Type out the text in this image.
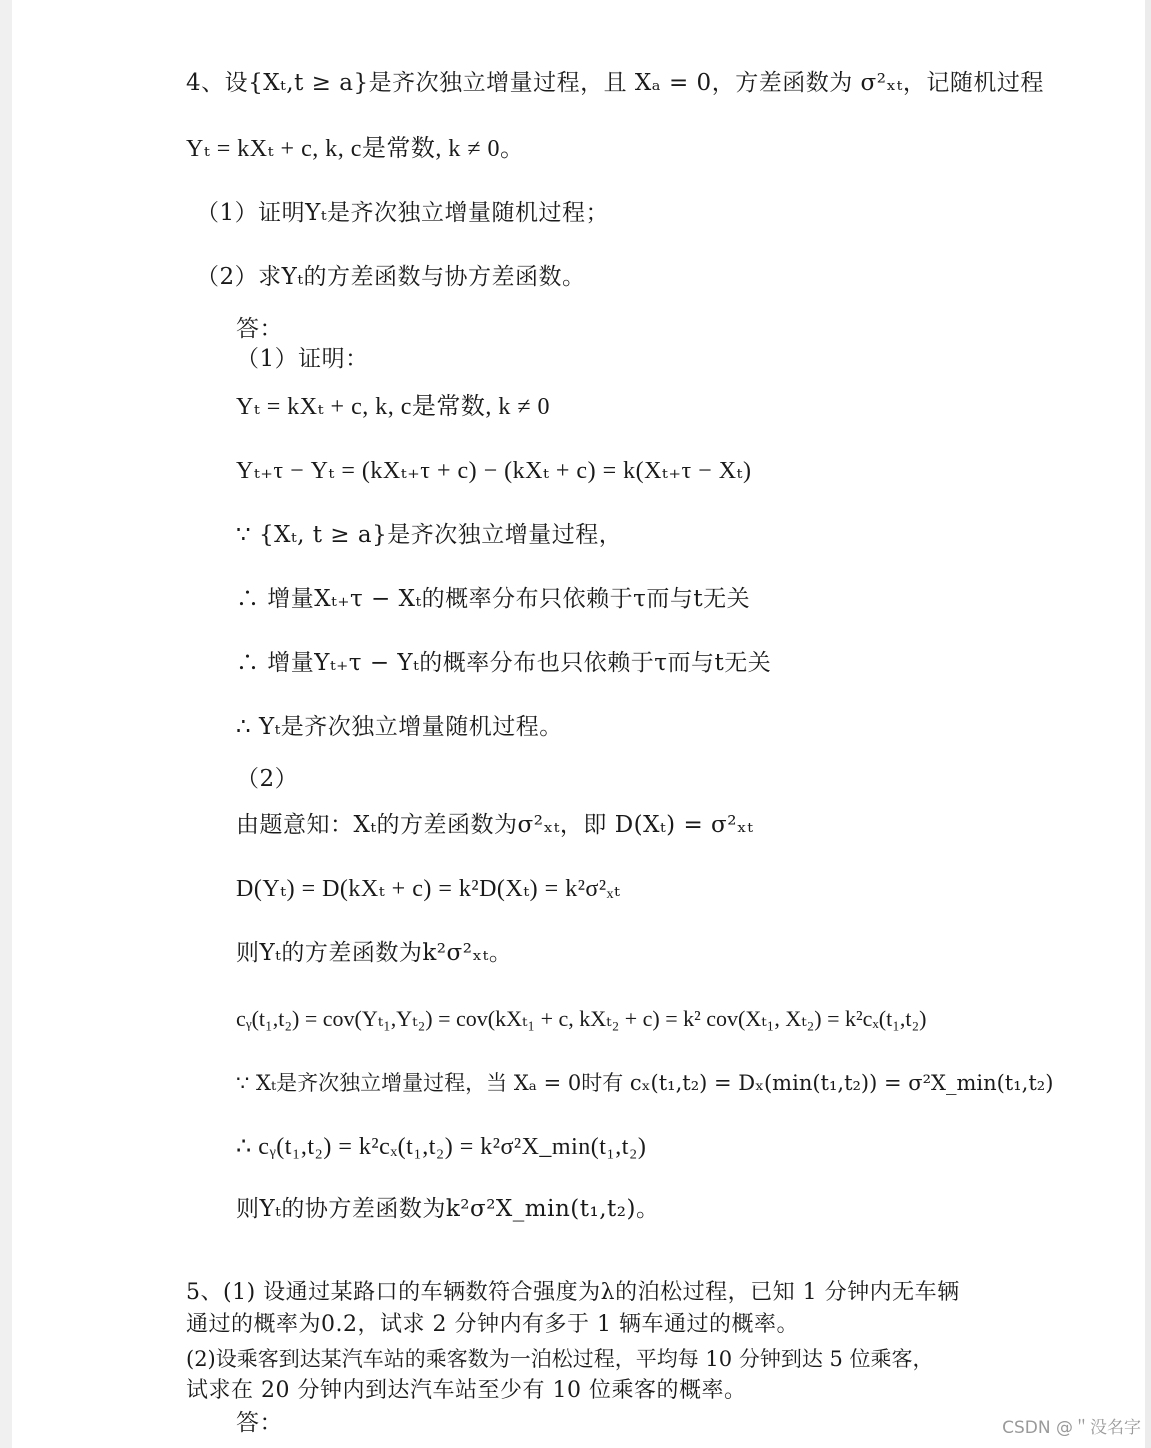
4、设{Xₜ,t ≥ a}是齐次独立增量过程，且 Xₐ = 0，方差函数为 σ²ₓₜ，记随机过程
Yₜ = kXₜ + c, k, c是常数, k ≠ 0。
（1）证明Yₜ是齐次独立增量随机过程；
（2）求Yₜ的方差函数与协方差函数。
答：
（1）证明：
Yₜ = kXₜ + c, k, c是常数, k ≠ 0
Yₜ₊τ − Yₜ = (kXₜ₊τ + c) − (kXₜ + c) = k(Xₜ₊τ − Xₜ)
∵ {Xₜ, t ≥ a}是齐次独立增量过程，
∴ 增量Xₜ₊τ − Xₜ的概率分布只依赖于τ而与t无关
∴ 增量Yₜ₊τ − Yₜ的概率分布也只依赖于τ而与t无关
∴ Yₜ是齐次独立增量随机过程。
（2）
由题意知：Xₜ的方差函数为σ²ₓₜ，即 D(Xₜ) = σ²ₓₜ
D(Yₜ) = D(kXₜ + c) = k²D(Xₜ) = k²σ²ₓₜ
则Yₜ的方差函数为k²σ²ₓₜ。
cᵧ(t₁,t₂) = cov(Yₜ₁,Yₜ₂) = cov(kXₜ₁ + c, kXₜ₂ + c) = k² cov(Xₜ₁, Xₜ₂) = k²cₓ(t₁,t₂)
∵ Xₜ是齐次独立增量过程，当 Xₐ = 0时有 cₓ(t₁,t₂) = Dₓ(min(t₁,t₂)) = σ²X_min(t₁,t₂)
∴ cᵧ(t₁,t₂) = k²cₓ(t₁,t₂) = k²σ²X_min(t₁,t₂)
则Yₜ的协方差函数为k²σ²X_min(t₁,t₂)。
5、(1) 设通过某路口的车辆数符合强度为λ的泊松过程，已知 1 分钟内无车辆
通过的概率为0.2，试求 2 分钟内有多于 1 辆车通过的概率。
(2)设乘客到达某汽车站的乘客数为一泊松过程，平均每 10 分钟到达 5 位乘客，
试求在 20 分钟内到达汽车站至少有 10 位乘客的概率。
答：	CSDN @＂没名字
